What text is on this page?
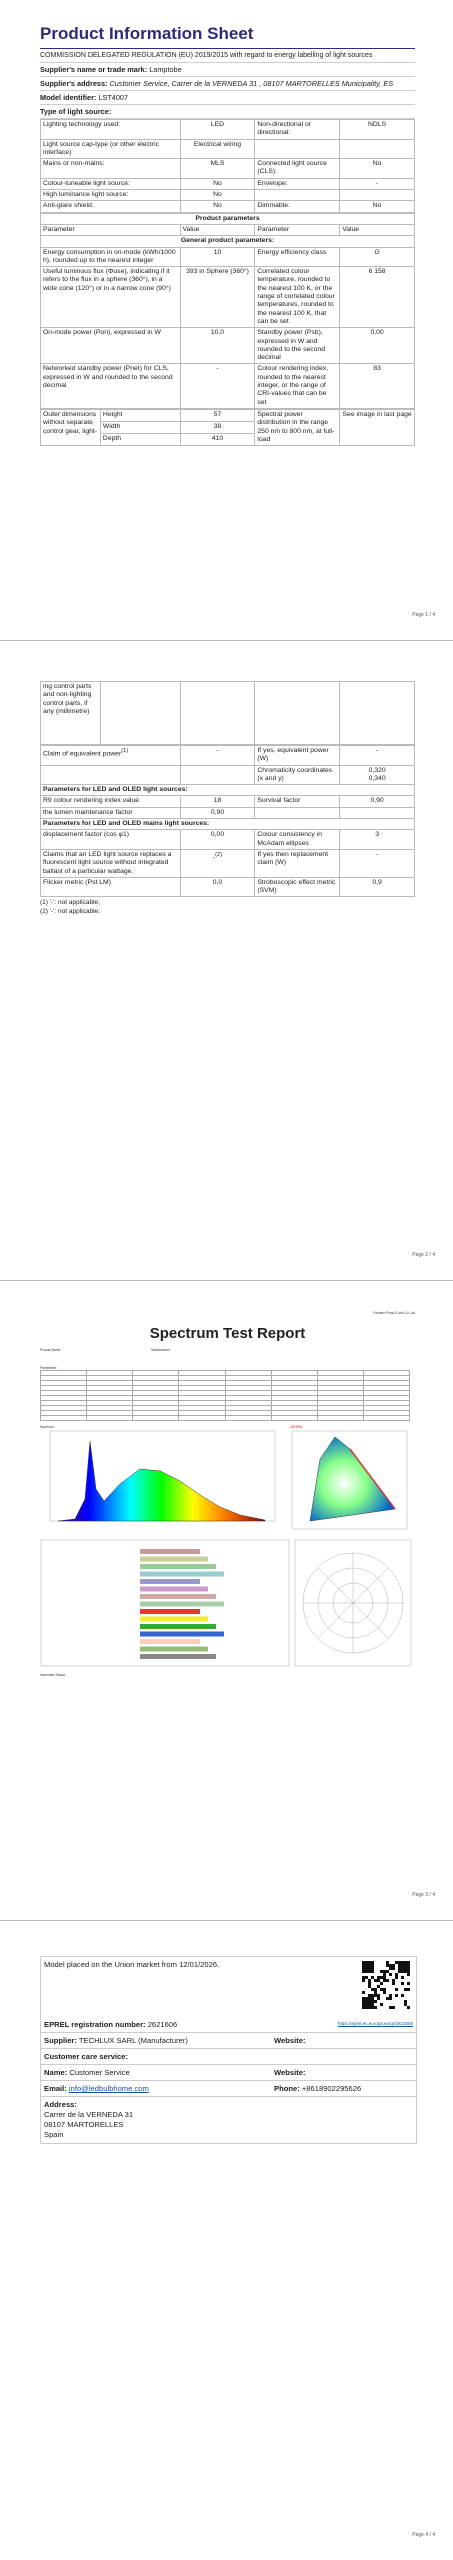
Product Information Sheet
COMMISSION DELEGATED REGULATION (EU) 2019/2015 with regard to energy labelling of light sources
Supplier's name or trade mark: Lamptobe
Supplier's address: Customer Service, Carrer de la VERNEDA 31 , 08107 MARTORELLES Municipality, ES
Model identifier: LST4007
Type of light source:
Lighting technology used:	LED	Non-directional or directional:	NDLS
Light source cap-type (or other electric interface)	Electrical wiring		
Mains or non-mains:	MLS	Connected light source (CLS):	No
Colour-tuneable light source:	No	Envelope:	-
High luminance light source:	No		
Anti-glare shield:	No	Dimmable:	No
Product parameters			
Parameter	Value	Parameter	Value
General product parameters:			
Energy consumption in on-mode (kWh/1000 h), rounded up to the nearest integer	10	Energy efficiency class	G
Useful luminous flux (Φuse), indicating if it refers to the flux in a sphere (360°), in a wide cone (120°) or in a narrow cone (90°)	393 in Sphere (360°)	Correlated colour temperature, rounded to the nearest 100 K, or the range of correlated colour temperatures, rounded to the nearest 100 K, that can be set	6 158
On-mode power (Pon), expressed in W	10,0	Standby power (Psb), expressed in W and rounded to the second decimal	0,00
Networked standby power (Pnet) for CLS, expressed in W and rounded to the second decimal	-	Colour rendering index, rounded to the nearest integer, or the range of CRI-values that can be set	83
Outer dimensions without separate control gear, light-	Height	57	Spectral power distribution in the range 250 nm to 800 nm, at full-load	See image in last page
	Width	38		
	Depth	410		
Page 1 / 4
ing control parts and non-lighting control parts, if any (millimetre)				
Claim of equivalent power$^{(1)}$	-	If yes, equivalent power (W)	-
		Chromaticity coordinates (x and y)	0,320
0,340
Parameters for LED and OLED light sources:			
R9 colour rendering index value	18	Survival factor	0,90
the lumen maintenance factor	0,90		
Parameters for LED and OLED mains light sources:			
displacement factor (cos φ1)	0,00	Colour consistency in McAdam ellipses	3
Claims that an LED light source replaces a fluorescent light source without integrated ballast of a particular wattage.	-$^{(2)}$	If yes then replacement claim (W)	-
Flicker metric (Pst LM)	0,0	Stroboscopic effect metric (SVM)	0,9
(1) '-': not applicable;
(2) '-': not applicable;
Page 2 / 4
Everfine Photo-E-Info Co.,Ltd
Spectrum Test Report
Product Name	Manufacturer
Parameters

Spectrum	CIE1931
Instrument Status:
Page 3 / 4
Model placed on the Union market from 12/01/2026.
EPREL registration number: 2621606	https://eprel.ec.europa.eu/qr/2621606
Supplier: TECHLUX SARL (Manufacturer)	Website:
Customer care service:
Name: Customer Service	Website:
Email: info@ledbulbhome.com	Phone: +8618902295626
Address:
Carrer de la VERNEDA 31
08107 MARTORELLES
Spain
Page 4 / 4
